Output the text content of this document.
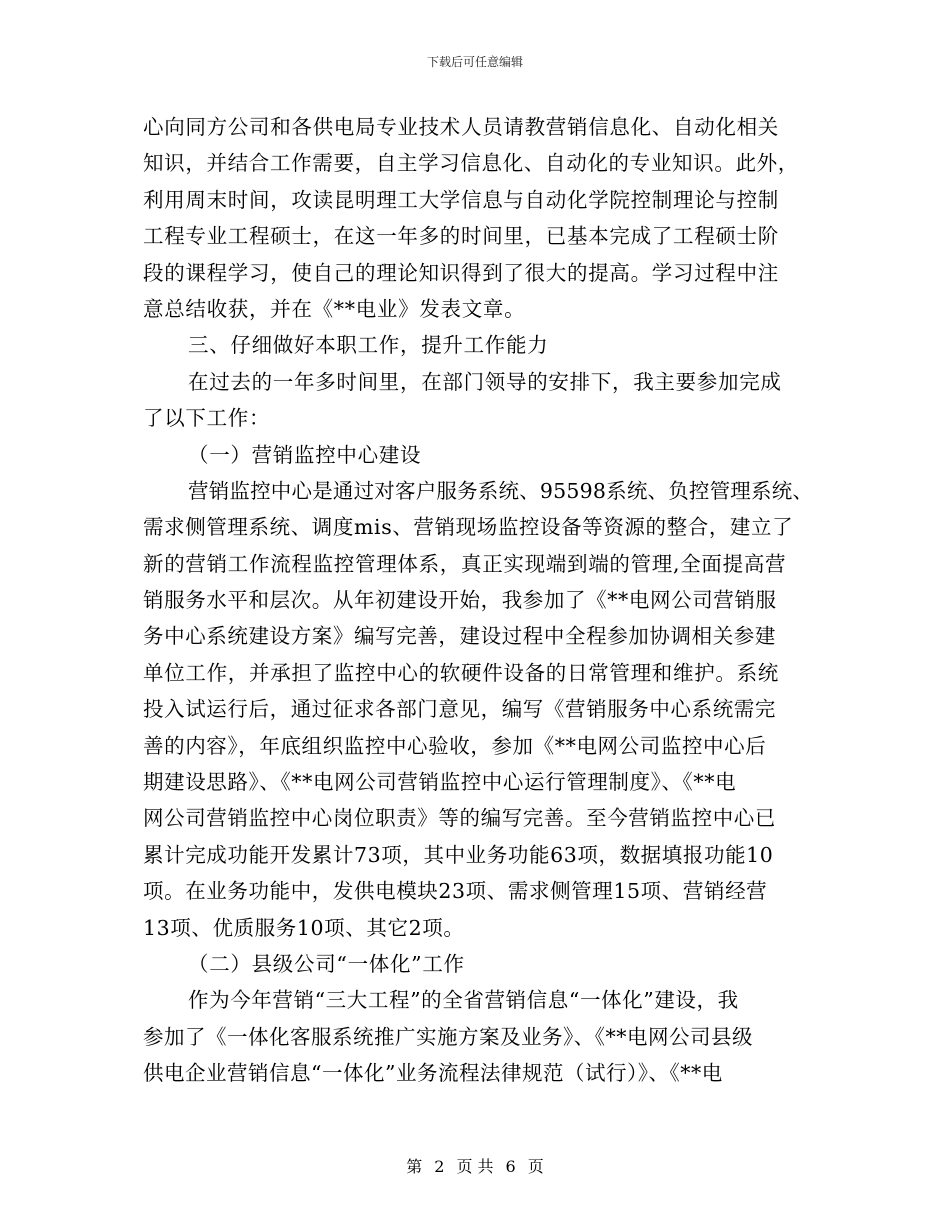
下载后可任意编辑
心向同方公司和各供电局专业技术人员请教营销信息化、自动化相关
知识，并结合工作需要，自主学习信息化、自动化的专业知识。此外，
利用周末时间，攻读昆明理工大学信息与自动化学院控制理论与控制
工程专业工程硕士，在这一年多的时间里，已基本完成了工程硕士阶
段的课程学习，使自己的理论知识得到了很大的提高。学习过程中注
意总结收获，并在《**电业》发表文章。
三、仔细做好本职工作，提升工作能力
在过去的一年多时间里，在部门领导的安排下，我主要参加完成
了以下工作：
（一）营销监控中心建设
营销监控中心是通过对客户服务系统、95598系统、负控管理系统、
需求侧管理系统、调度mis、营销现场监控设备等资源的整合，建立了
新的营销工作流程监控管理体系，真正实现端到端的管理,全面提高营
销服务水平和层次。从年初建设开始，我参加了《**电网公司营销服
务中心系统建设方案》编写完善，建设过程中全程参加协调相关参建
单位工作，并承担了监控中心的软硬件设备的日常管理和维护。系统
投入试运行后，通过征求各部门意见，编写《营销服务中心系统需完
善的内容》，年底组织监控中心验收，参加《**电网公司监控中心后
期建设思路》、《**电网公司营销监控中心运行管理制度》、《**电
网公司营销监控中心岗位职责》等的编写完善。至今营销监控中心已
累计完成功能开发累计73项，其中业务功能63项，数据填报功能10
项。在业务功能中，发供电模块23项、需求侧管理15项、营销经营
13项、优质服务10项、其它2项。
（二）县级公司“一体化”工作
作为今年营销“三大工程”的全省营销信息“一体化”建设，我
参加了《一体化客服系统推广实施方案及业务》、《**电网公司县级
供电企业营销信息“一体化”业务流程法律规范（试行）》、《**电
第 2 页 共 6 页
